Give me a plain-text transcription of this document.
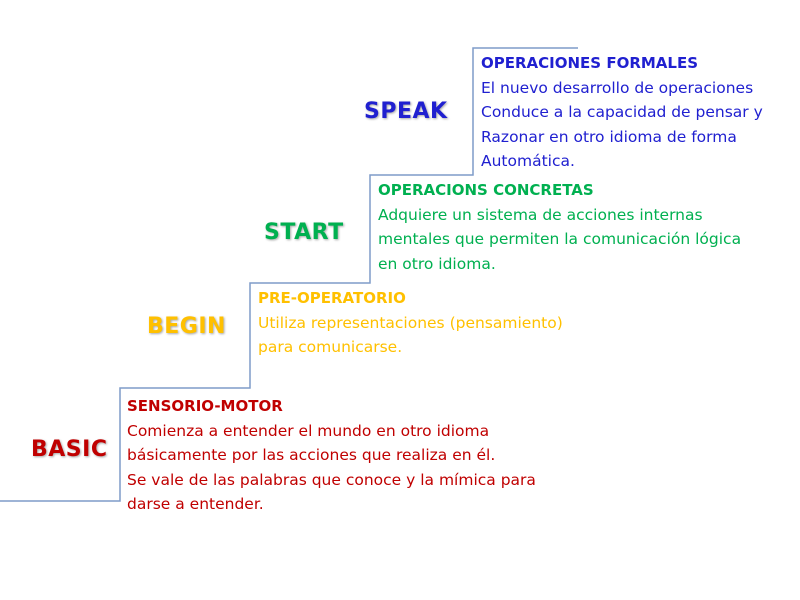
BASIC
SENSORIO-MOTOR
Comienza a entender el mundo en otro idioma
básicamente por las acciones que realiza en él.
Se vale de las palabras que conoce y la mímica para
darse a entender.
BEGIN
PRE-OPERATORIO
Utiliza representaciones (pensamiento)
para comunicarse.
START
OPERACIONS CONCRETAS
Adquiere un sistema de acciones internas
mentales que permiten la comunicación lógica
en otro idioma.
SPEAK
OPERACIONES FORMALES
El nuevo desarrollo de operaciones
Conduce a la capacidad de pensar y
Razonar en otro idioma de forma
Automática.
